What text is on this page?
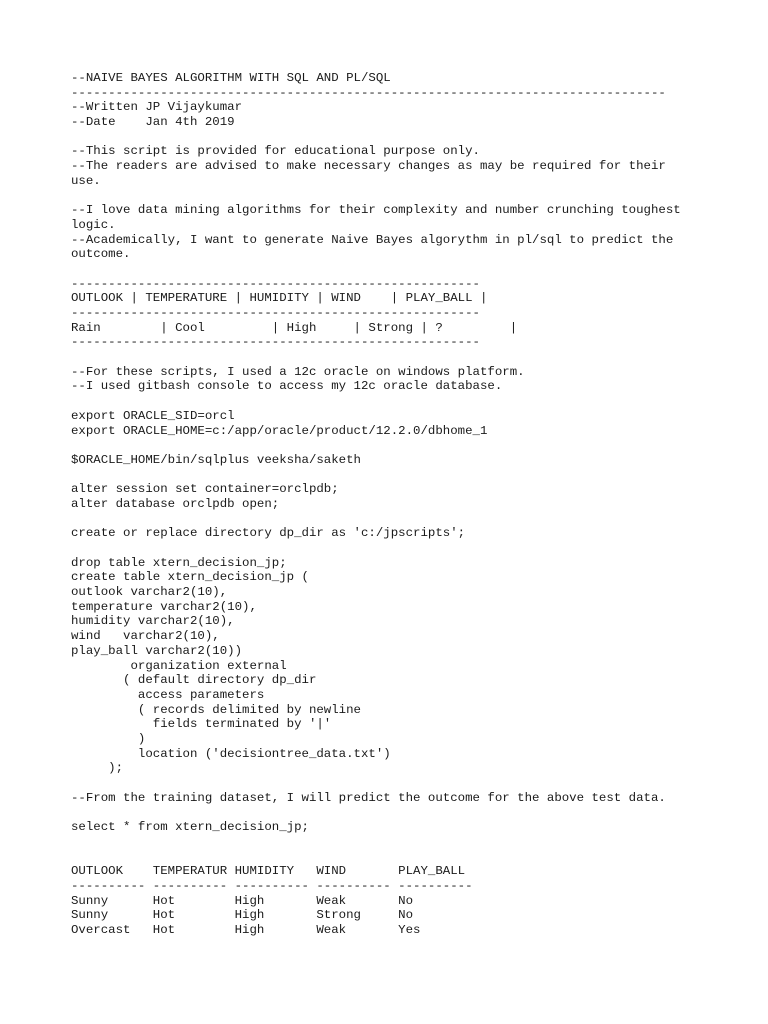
--NAIVE BAYES ALGORITHM WITH SQL AND PL/SQL
--------------------------------------------------------------------------------
--Written JP Vijaykumar
--Date    Jan 4th 2019
--This script is provided for educational purpose only.
--The readers are advised to make necessary changes as may be required for their
use.
--I love data mining algorithms for their complexity and number crunching toughest
logic.
--Academically, I want to generate Naive Bayes algorythm in pl/sql to predict the
outcome.
-------------------------------------------------------
OUTLOOK | TEMPERATURE | HUMIDITY | WIND    | PLAY_BALL |
-------------------------------------------------------
Rain        | Cool         | High     | Strong | ?         |
-------------------------------------------------------
--For these scripts, I used a 12c oracle on windows platform.
--I used gitbash console to access my 12c oracle database.
export ORACLE_SID=orcl
export ORACLE_HOME=c:/app/oracle/product/12.2.0/dbhome_1
$ORACLE_HOME/bin/sqlplus veeksha/saketh
alter session set container=orclpdb;
alter database orclpdb open;
create or replace directory dp_dir as 'c:/jpscripts';
drop table xtern_decision_jp;
create table xtern_decision_jp (
outlook varchar2(10),
temperature varchar2(10),
humidity varchar2(10),
wind   varchar2(10),
play_ball varchar2(10))
organization external
( default directory dp_dir
access parameters
( records delimited by newline
fields terminated by '|'
)
location ('decisiontree_data.txt')
);
--From the training dataset, I will predict the outcome for the above test data.
select * from xtern_decision_jp;
OUTLOOK    TEMPERATUR HUMIDITY   WIND       PLAY_BALL
---------- ---------- ---------- ---------- ----------
Sunny      Hot        High       Weak       No
Sunny      Hot        High       Strong     No
Overcast   Hot        High       Weak       Yes
